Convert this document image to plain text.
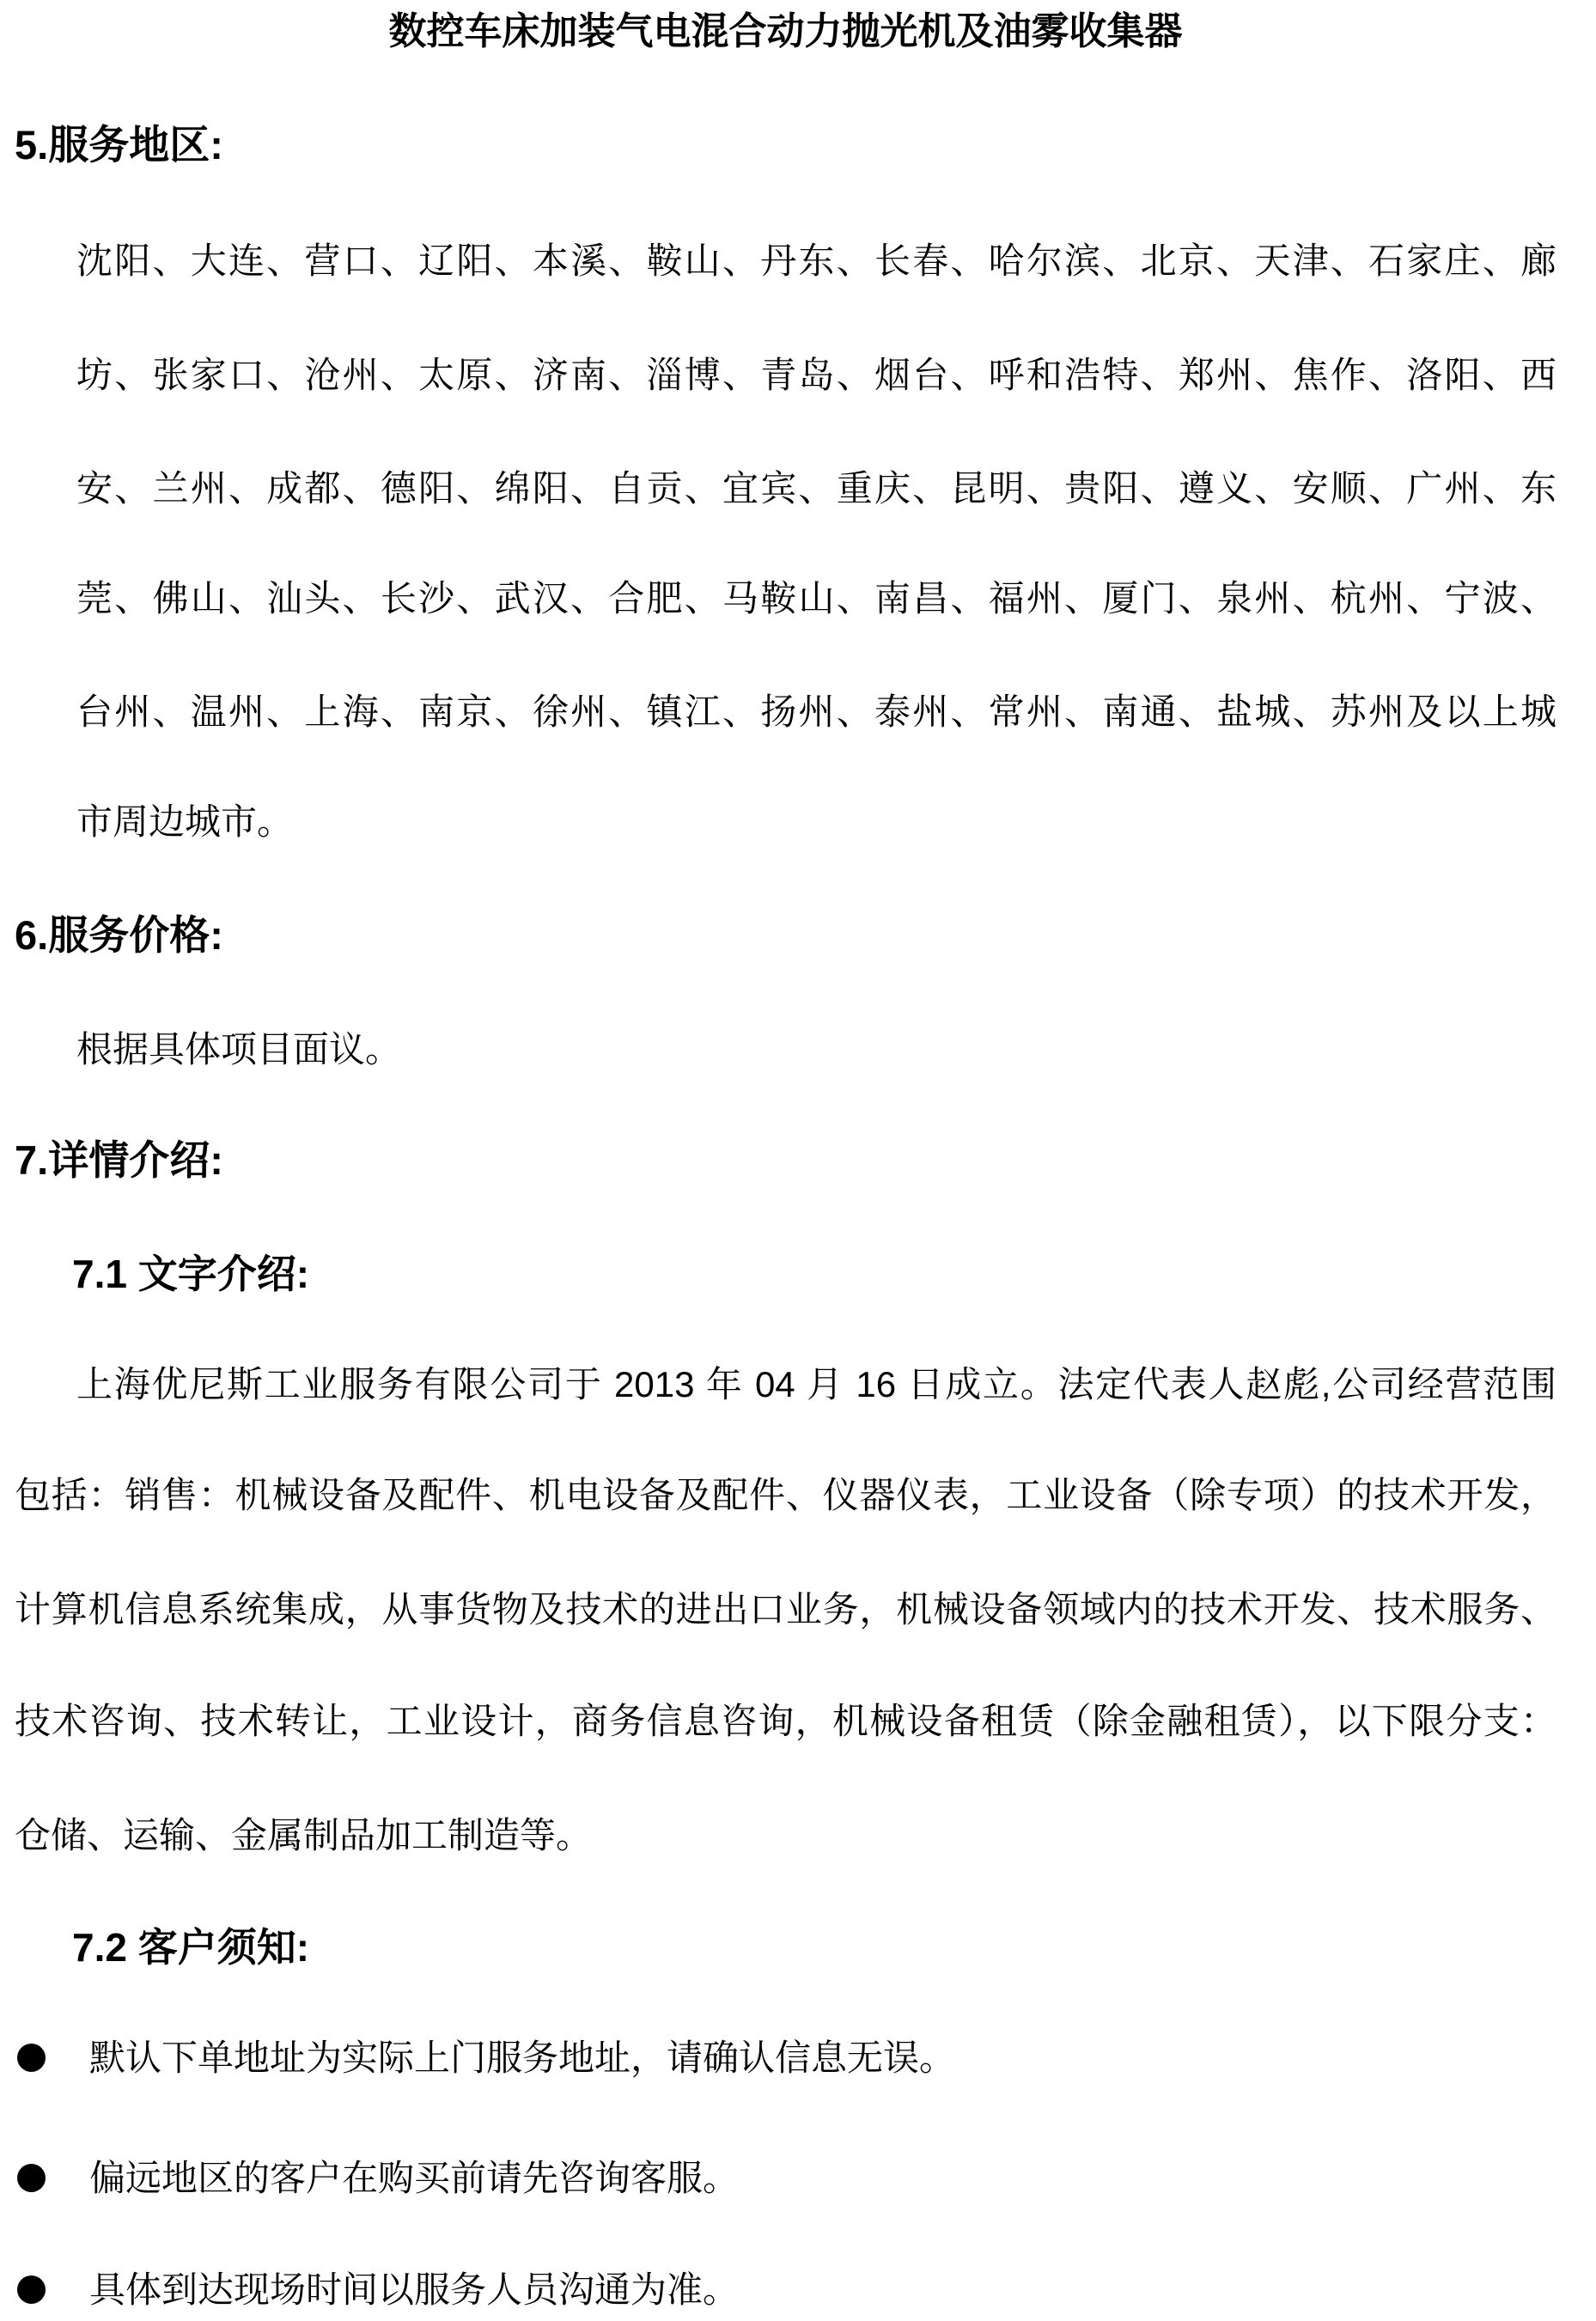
数控车床加装气电混合动力抛光机及油雾收集器
5.服务地区:
沈阳、大连、营口、辽阳、本溪、鞍山、丹东、长春、哈尔滨、北京、天津、石家庄、廊
坊、张家口、沧州、太原、济南、淄博、青岛、烟台、呼和浩特、郑州、焦作、洛阳、西
安、兰州、成都、德阳、绵阳、自贡、宜宾、重庆、昆明、贵阳、遵义、安顺、广州、东
莞、佛山、汕头、长沙、武汉、合肥、马鞍山、南昌、福州、厦门、泉州、杭州、宁波、
台州、温州、上海、南京、徐州、镇江、扬州、泰州、常州、南通、盐城、苏州及以上城
市周边城市。
6.服务价格:
根据具体项目面议。
7.详情介绍:
7.1 文字介绍:
上海优尼斯工业服务有限公司于 2013 年 04 月 16 日成立。法定代表人赵彪,公司经营范围
包括：销售：机械设备及配件、机电设备及配件、仪器仪表，工业设备（除专项）的技术开发，
计算机信息系统集成，从事货物及技术的进出口业务，机械设备领域内的技术开发、技术服务、
技术咨询、技术转让，工业设计，商务信息咨询，机械设备租赁（除金融租赁），以下限分支：
仓储、运输、金属制品加工制造等。
7.2 客户须知:
默认下单地址为实际上门服务地址，请确认信息无误。
偏远地区的客户在购买前请先咨询客服。
具体到达现场时间以服务人员沟通为准。
